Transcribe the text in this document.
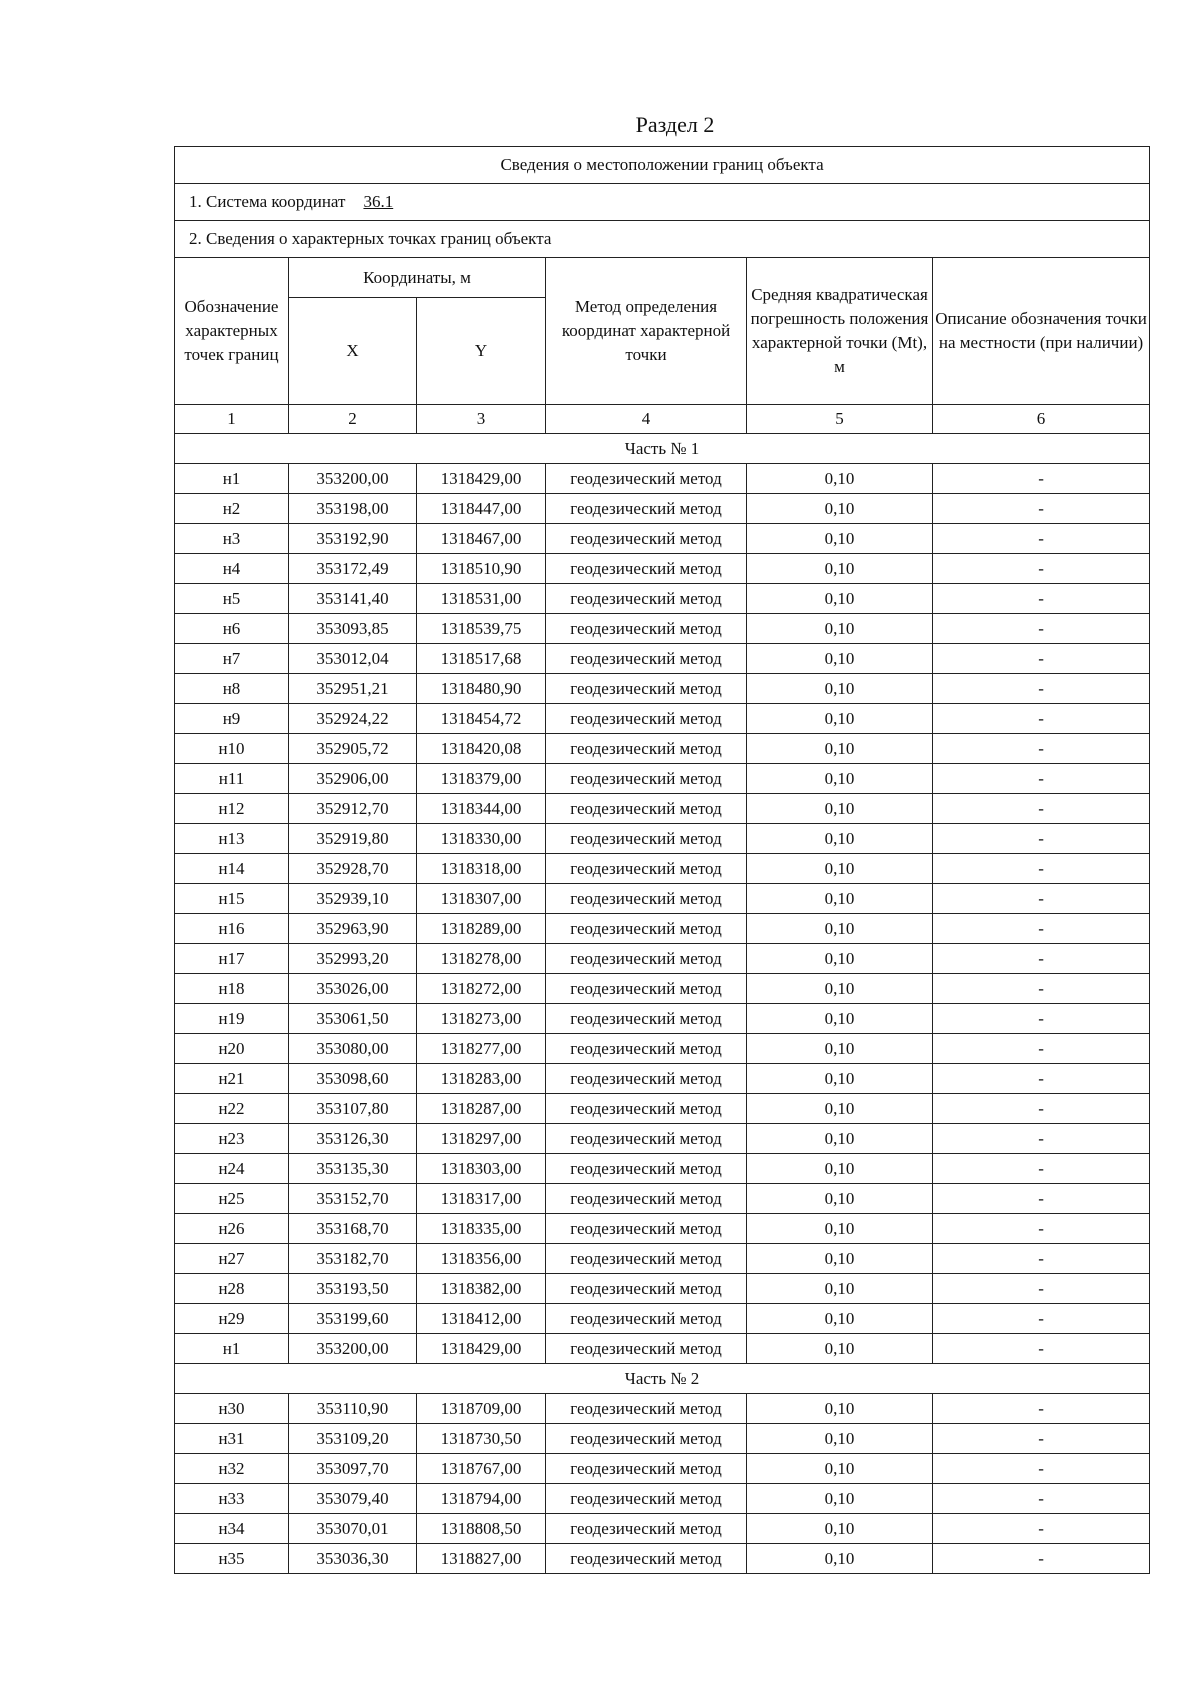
Раздел 2
Сведения о местоположении границ объекта					
1. Система координат 36.1					
2. Сведения о характерных точках границ объекта					
Обозначение характерных точек границ	Координаты, м		Метод определения координат характерной точки	Средняя квадратическая погрешность положения характерной точки (Mt), м	Описание обозначения точки на местности (при наличии)
	X	Y			
1	2	3	4	5	6
Часть № 1					
н1	353200,00	1318429,00	геодезический метод	0,10	-
н2	353198,00	1318447,00	геодезический метод	0,10	-
н3	353192,90	1318467,00	геодезический метод	0,10	-
н4	353172,49	1318510,90	геодезический метод	0,10	-
н5	353141,40	1318531,00	геодезический метод	0,10	-
н6	353093,85	1318539,75	геодезический метод	0,10	-
н7	353012,04	1318517,68	геодезический метод	0,10	-
н8	352951,21	1318480,90	геодезический метод	0,10	-
н9	352924,22	1318454,72	геодезический метод	0,10	-
н10	352905,72	1318420,08	геодезический метод	0,10	-
н11	352906,00	1318379,00	геодезический метод	0,10	-
н12	352912,70	1318344,00	геодезический метод	0,10	-
н13	352919,80	1318330,00	геодезический метод	0,10	-
н14	352928,70	1318318,00	геодезический метод	0,10	-
н15	352939,10	1318307,00	геодезический метод	0,10	-
н16	352963,90	1318289,00	геодезический метод	0,10	-
н17	352993,20	1318278,00	геодезический метод	0,10	-
н18	353026,00	1318272,00	геодезический метод	0,10	-
н19	353061,50	1318273,00	геодезический метод	0,10	-
н20	353080,00	1318277,00	геодезический метод	0,10	-
н21	353098,60	1318283,00	геодезический метод	0,10	-
н22	353107,80	1318287,00	геодезический метод	0,10	-
н23	353126,30	1318297,00	геодезический метод	0,10	-
н24	353135,30	1318303,00	геодезический метод	0,10	-
н25	353152,70	1318317,00	геодезический метод	0,10	-
н26	353168,70	1318335,00	геодезический метод	0,10	-
н27	353182,70	1318356,00	геодезический метод	0,10	-
н28	353193,50	1318382,00	геодезический метод	0,10	-
н29	353199,60	1318412,00	геодезический метод	0,10	-
н1	353200,00	1318429,00	геодезический метод	0,10	-
Часть № 2					
н30	353110,90	1318709,00	геодезический метод	0,10	-
н31	353109,20	1318730,50	геодезический метод	0,10	-
н32	353097,70	1318767,00	геодезический метод	0,10	-
н33	353079,40	1318794,00	геодезический метод	0,10	-
н34	353070,01	1318808,50	геодезический метод	0,10	-
н35	353036,30	1318827,00	геодезический метод	0,10	-
